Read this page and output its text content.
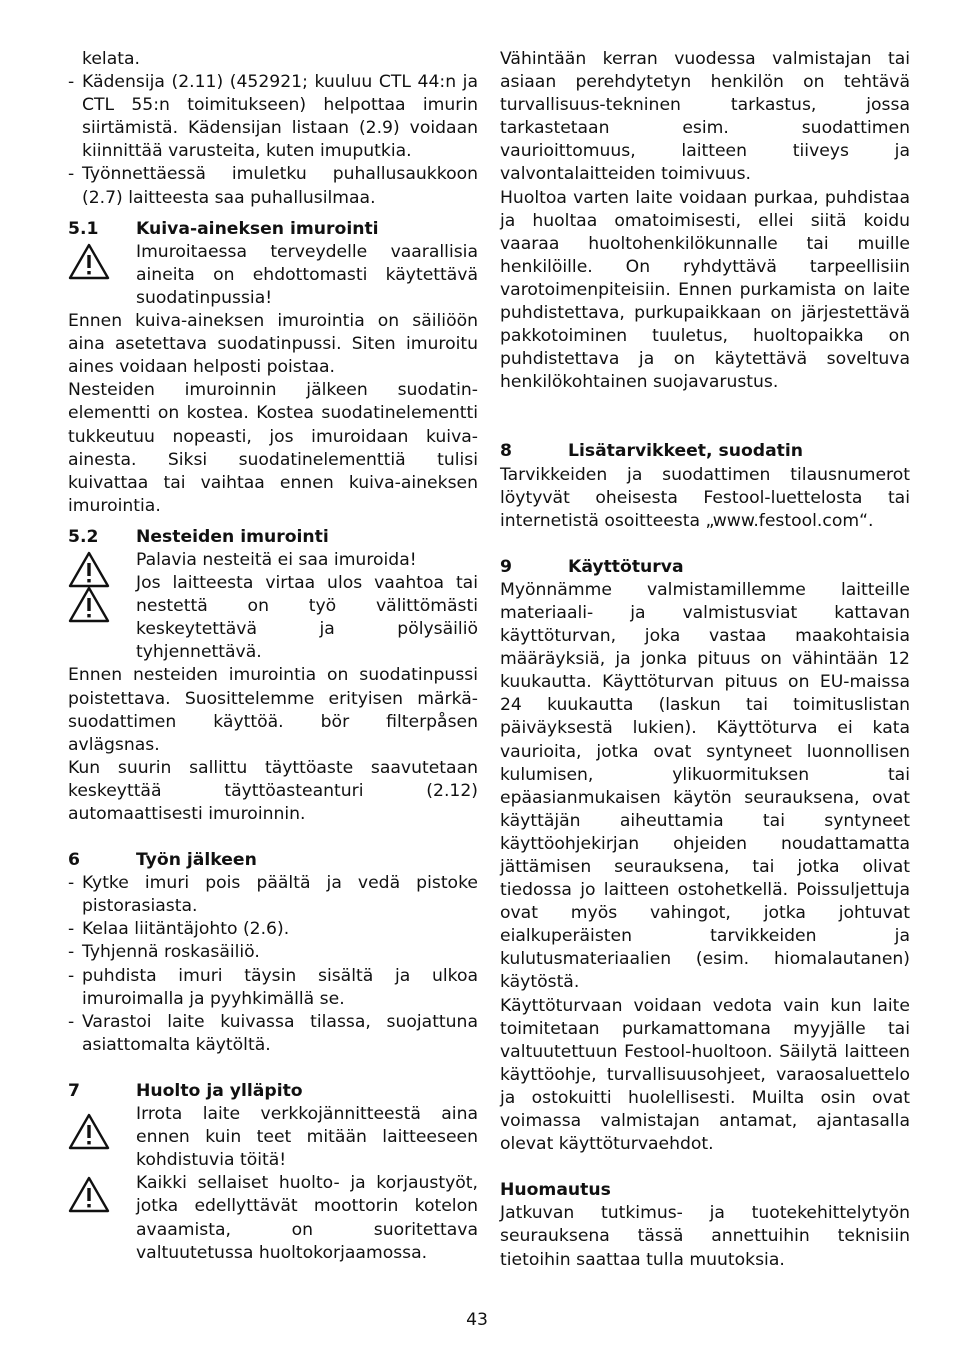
kelata.

- Kädensija (2.11) (452921; kuuluu CTL 44:n ja CTL 55:n toimitukseen) helpottaa imurin siirtämistä. Kädensijan listaan (2.9) voidaan kiinnittää varusteita, kuten imuputkia.
- Työnnettäessä imuletku puhallusaukkoon (2.7) laitteesta saa puhallusilmaa.
5.1	Kuiva-aineksen imurointi
Imuroitaessa terveydelle vaarallisia aineita on ehdottomasti käytettävä suodatinpussia!

Ennen kuiva-aineksen imurointia on säiliöön aina asetettava suodatinpussi. Siten imuroitu aines voidaan helposti poistaa.

Nesteiden imuroinnin jälkeen suodatin-elementti on kostea. Kostea suodatinelementti tukkeutuu nopeasti, jos imuroidaan kuiva-ainesta. Siksi suodatinelementtiä tulisi kuivattaa tai vaihtaa ennen kuiva-aineksen imurointia.

5.2	Nesteiden imurointi
Palavia nesteitä ei saa imuroida!
Jos laitteesta virtaa ulos vaahtoa tai nestettä on työ välittömästi keskeytettävä ja pölysäiliö tyhjennettävä.

Ennen nesteiden imurointia on suodatinpussi poistettava. Suosittelemme erityisen märkä-suodattimen käyttöä. bör filterpåsen avlägsnas.

Kun suurin sallittu täyttöaste saavutetaan keskeyttää täyttöasteanturi (2.12) automaattisesti imuroinnin.

6	Työn jälkeen
- Kytke imuri pois päältä ja vedä pistoke pistorasiasta.
- Kelaa liitäntäjohto (2.6).
- Tyhjennä roskasäiliö.
- puhdista imuri täysin sisältä ja ulkoa imuroimalla ja pyyhkimällä se.
- Varastoi laite kuivassa tilassa, suojattuna asiattomalta käytöltä.
7	Huolto ja ylläpito
Irrota laite verkkojännitteestä aina ennen kuin teet mitään laitteeseen kohdistuvia töitä!
Kaikki sellaiset huolto- ja korjaustyöt, jotka edellyttävät moottorin kotelon avaamista, on suoritettava valtuutetussa huoltokorjaamossa.

Vähintään kerran vuodessa valmistajan tai asiaan perehdytetyn henkilön on tehtävä turvallisuus-tekninen tarkastus, jossa tarkastetaan esim. suodattimen vaurioittomuus, laitteen tiiveys ja valvontalaitteiden toimivuus.

Huoltoa varten laite voidaan purkaa, puhdistaa ja huoltaa omatoimisesti, ellei siitä koidu vaaraa huoltohenkilökunnalle tai muille henkilöille. On ryhdyttävä tarpeellisiin varotoimenpiteisiin. Ennen purkamista on laite puhdistettava, purkupaikkaan on järjestettävä pakkotoiminen tuuletus, huoltopaikka on puhdistettava ja on käytettävä soveltuva henkilökohtainen suojavarustus.

8	Lisätarvikkeet, suodatin

Tarvikkeiden ja suodattimen tilausnumerot löytyvät oheisesta Festool-luettelosta tai internetistä osoitteesta „www.festool.com“.

9	Käyttöturva

Myönnämme valmistamillemme laitteille materiaali- ja valmistusviat kattavan käyttöturvan, joka vastaa maakohtaisia määräyksiä, ja jonka pituus on vähintään 12 kuukautta. Käyttöturvan pituus on EU-maissa 24 kuukautta (laskun tai toimituslistan päiväyksestä lukien). Käyttöturva ei kata vaurioita, jotka ovat syntyneet luonnollisen kulumisen, ylikuormituksen tai epäasianmukaisen käytön seurauksena, ovat käyttäjän aiheuttamia tai syntyneet käyttöohjekirjan ohjeiden noudattamatta jättämisen seurauksena, tai jotka olivat tiedossa jo laitteen ostohetkellä. Poissuljettuja ovat myös vahingot, jotka johtuvat eialkuperäisten tarvikkeiden ja kulutusmateriaalien (esim. hiomalautanen) käytöstä.

Käyttöturvaan voidaan vedota vain kun laite toimitetaan purkamattomana myyjälle tai valtuutettuun Festool-huoltoon. Säilytä laitteen käyttöohje, turvallisuusohjeet, varaosaluettelo ja ostokuitti huolellisesti. Muilta osin ovat voimassa valmistajan antamat, ajantasalla olevat käyttöturvaehdot.

Huomautus

Jatkuvan tutkimus- ja tuotekehittelytyön seurauksena tässä annettuihin teknisiin tietoihin saattaa tulla muutoksia.

43
